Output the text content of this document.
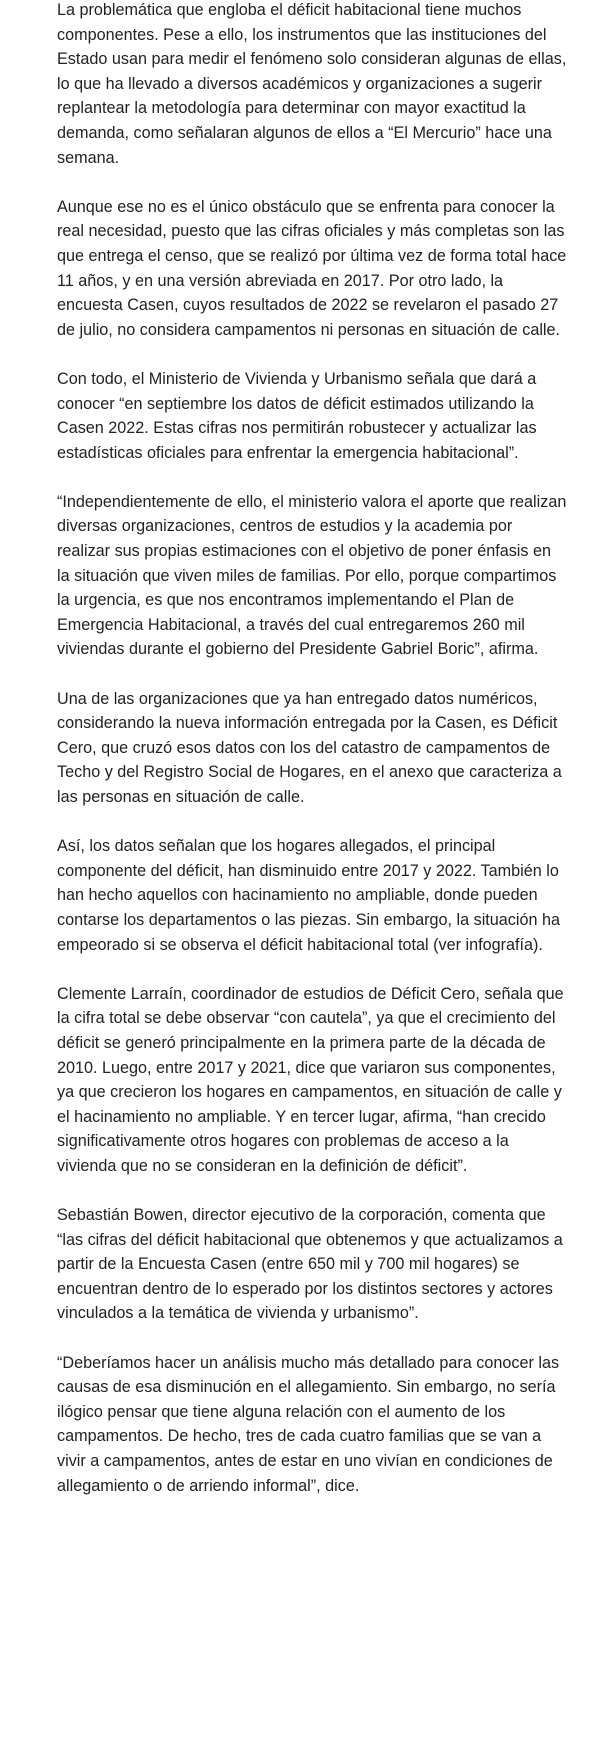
La problemática que engloba el déficit habitacional tiene muchos componentes. Pese a ello, los instrumentos que las instituciones del Estado usan para medir el fenómeno solo consideran algunas de ellas, lo que ha llevado a diversos académicos y organizaciones a sugerir replantear la metodología para determinar con mayor exactitud la demanda, como señalaran algunos de ellos a “El Mercurio” hace una semana.

Aunque ese no es el único obstáculo que se enfrenta para conocer la real necesidad, puesto que las cifras oficiales y más completas son las que entrega el censo, que se realizó por última vez de forma total hace 11 años, y en una versión abreviada en 2017. Por otro lado, la encuesta Casen, cuyos resultados de 2022 se revelaron el pasado 27 de julio, no considera campamentos ni personas en situación de calle.

Con todo, el Ministerio de Vivienda y Urbanismo señala que dará a conocer “en septiembre los datos de déficit estimados utilizando la Casen 2022. Estas cifras nos permitirán robustecer y actualizar las estadísticas oficiales para enfrentar la emergencia habitacional”.

“Independientemente de ello, el ministerio valora el aporte que realizan diversas organizaciones, centros de estudios y la academia por realizar sus propias estimaciones con el objetivo de poner énfasis en la situación que viven miles de familias. Por ello, porque compartimos la urgencia, es que nos encontramos implementando el Plan de Emergencia Habitacional, a través del cual entregaremos 260 mil viviendas durante el gobierno del Presidente Gabriel Boric”, afirma.

Una de las organizaciones que ya han entregado datos numéricos, considerando la nueva información entregada por la Casen, es Déficit Cero, que cruzó esos datos con los del catastro de campamentos de Techo y del Registro Social de Hogares, en el anexo que caracteriza a las personas en situación de calle.

Así, los datos señalan que los hogares allegados, el principal componente del déficit, han disminuido entre 2017 y 2022. También lo han hecho aquellos con hacinamiento no ampliable, donde pueden contarse los departamentos o las piezas. Sin embargo, la situación ha empeorado si se observa el déficit habitacional total (ver infografía).

Clemente Larraín, coordinador de estudios de Déficit Cero, señala que la cifra total se debe observar “con cautela”, ya que el crecimiento del déficit se generó principalmente en la primera parte de la década de 2010. Luego, entre 2017 y 2021, dice que variaron sus componentes, ya que crecieron los hogares en campamentos, en situación de calle y el hacinamiento no ampliable. Y en tercer lugar, afirma, “han crecido significativamente otros hogares con problemas de acceso a la vivienda que no se consideran en la definición de déficit”.

Sebastián Bowen, director ejecutivo de la corporación, comenta que “las cifras del déficit habitacional que obtenemos y que actualizamos a partir de la Encuesta Casen (entre 650 mil y 700 mil hogares) se encuentran dentro de lo esperado por los distintos sectores y actores vinculados a la temática de vivienda y urbanismo”.

“Deberíamos hacer un análisis mucho más detallado para conocer las causas de esa disminución en el allegamiento. Sin embargo, no sería ilógico pensar que tiene alguna relación con el aumento de los campamentos. De hecho, tres de cada cuatro familias que se van a vivir a campamentos, antes de estar en uno vivían en condiciones de allegamiento o de arriendo informal”, dice.
